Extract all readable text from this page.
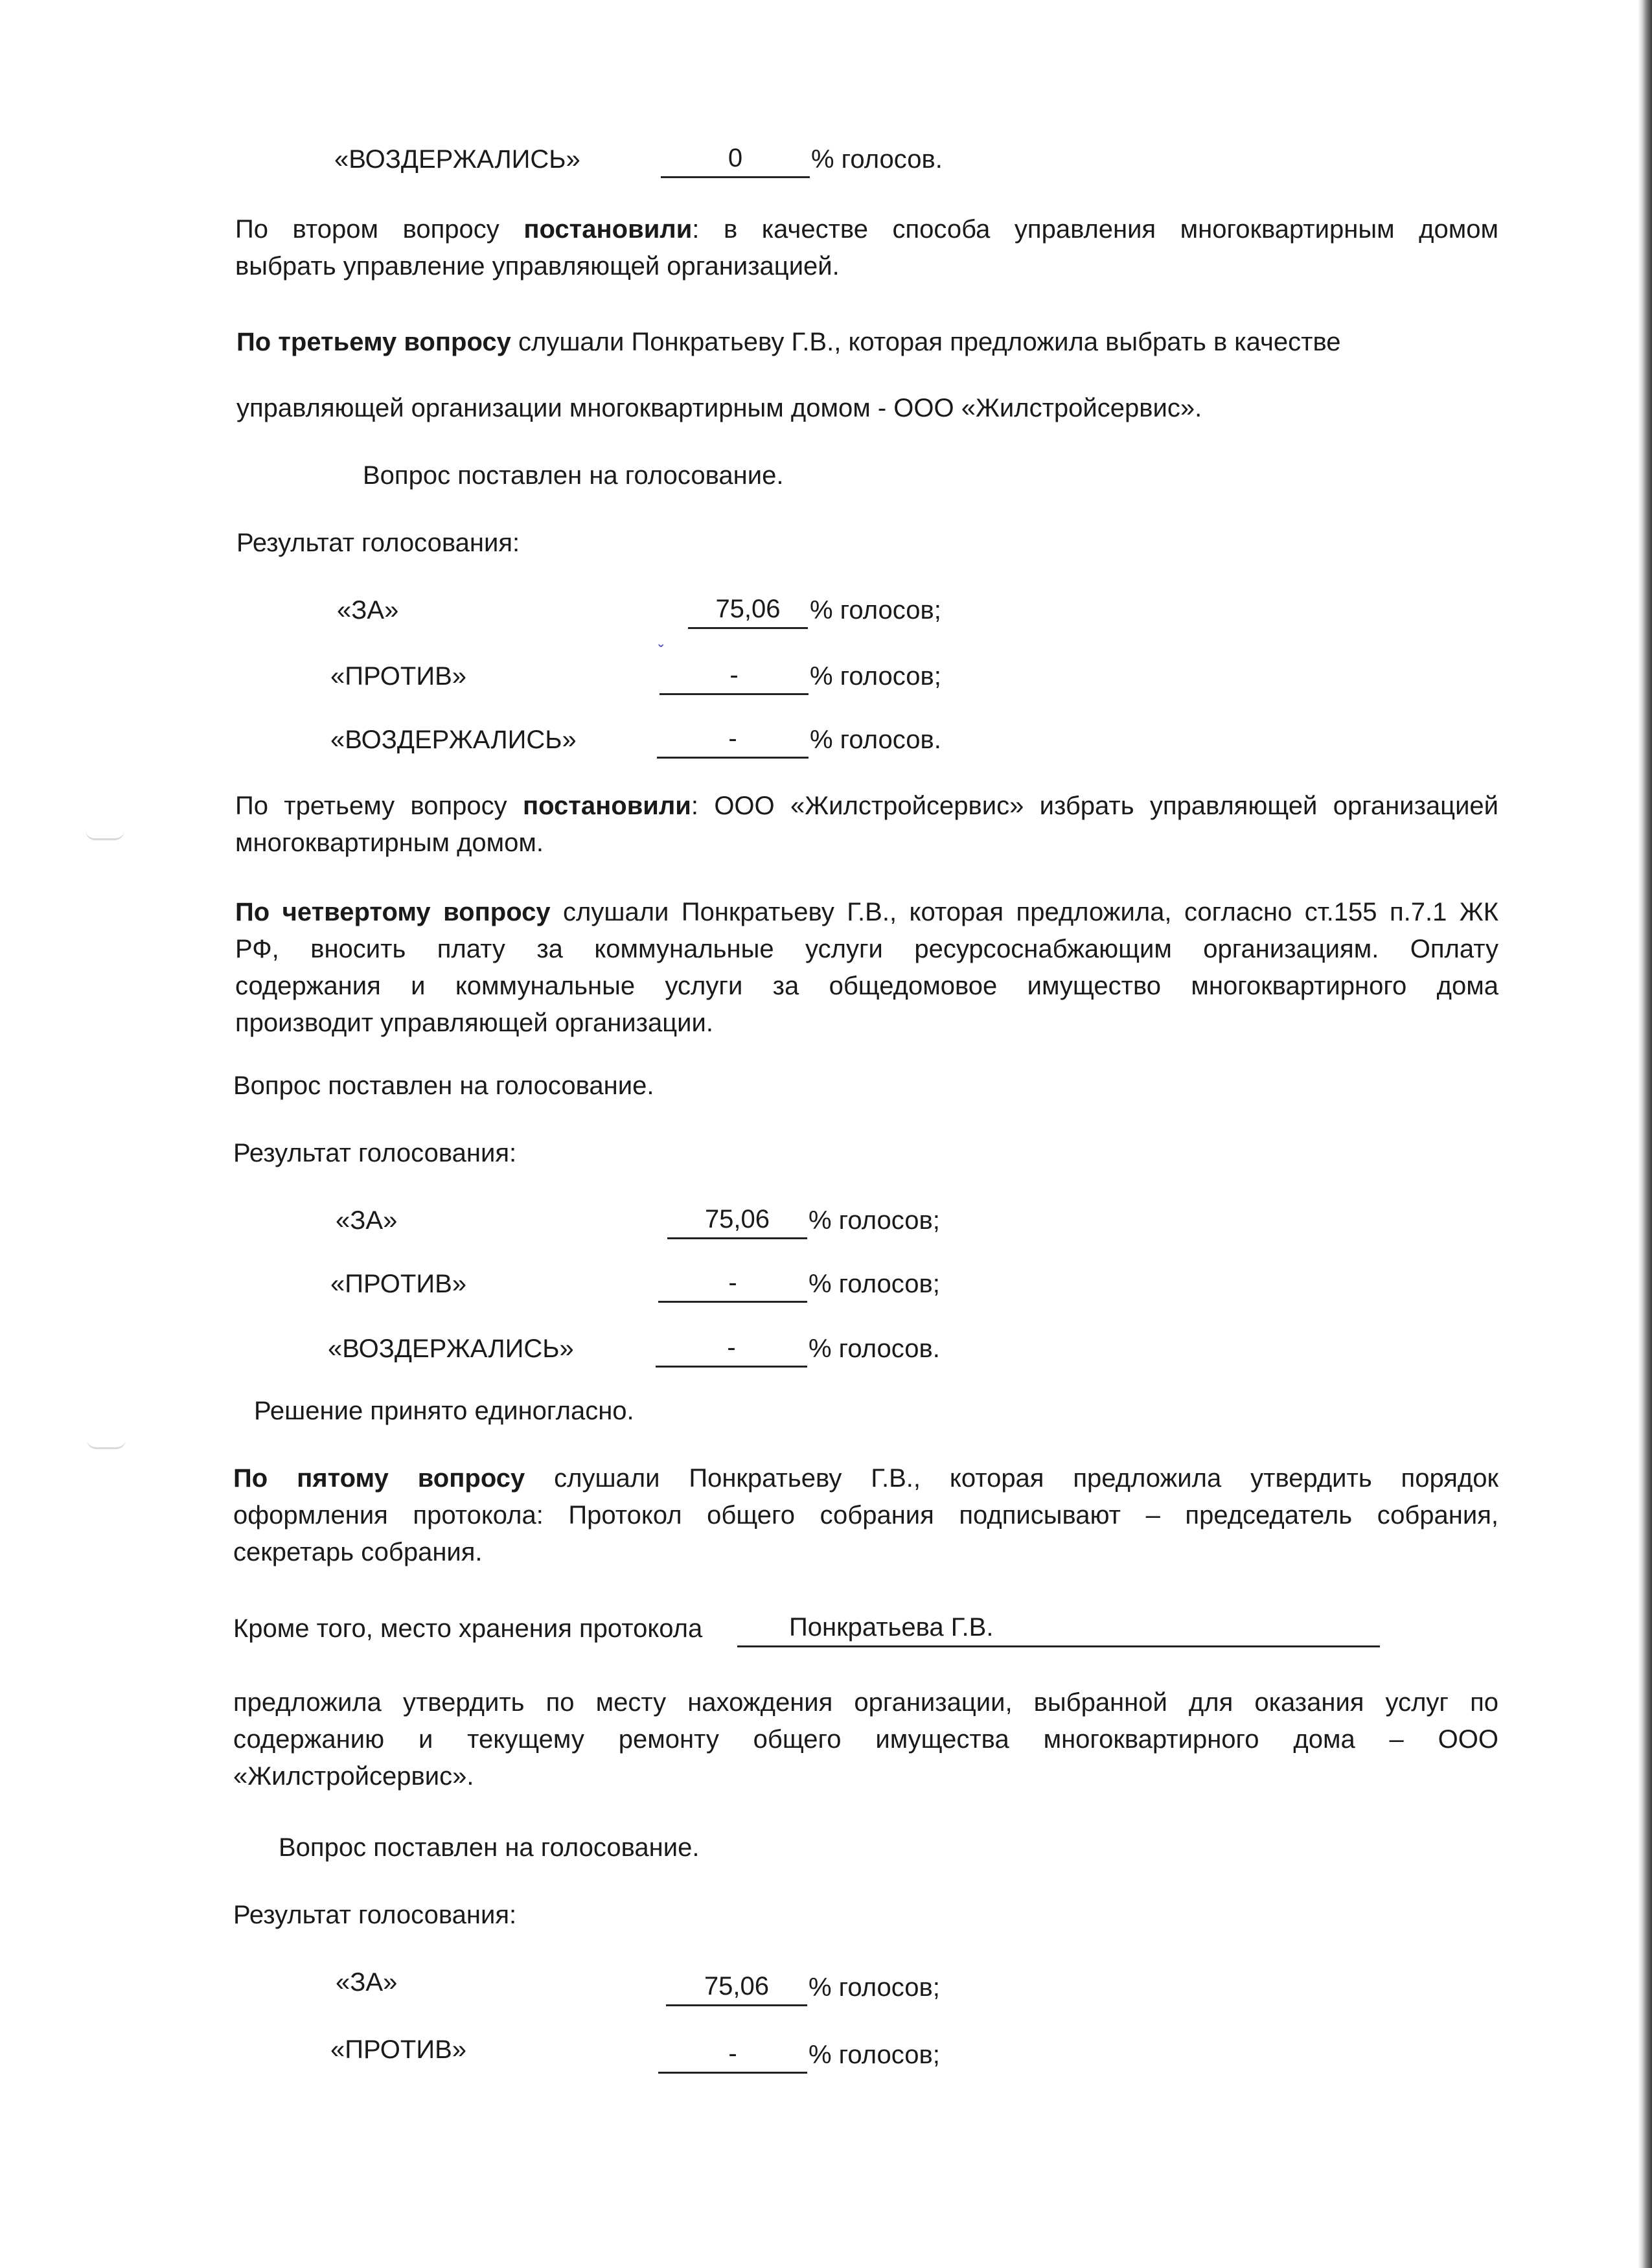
«ВОЗДЕРЖАЛИСЬ»	0	% голосов.
По втором вопросу постановили: в качестве способа управления многоквартирным домом
выбрать управление управляющей организацией.
По третьему вопросу слушали Понкратьеву Г.В., которая предложила выбрать в качестве
управляющей организации многоквартирным домом - ООО «Жилстройсервис».
Вопрос поставлен на голосование.
Результат голосования:
«ЗА»	75,06	% голосов;
ˇ
«ПРОТИВ»	-	% голосов;
«ВОЗДЕРЖАЛИСЬ»	-	% голосов.
По третьему вопросу постановили: ООО «Жилстройсервис» избрать управляющей организацией
многоквартирным домом.
По четвертому вопросу слушали Понкратьеву Г.В., которая предложила, согласно ст.155 п.7.1 ЖК
РФ, вносить плату за коммунальные услуги ресурсоснабжающим организациям. Оплату
содержания и коммунальные услуги за общедомовое имущество многоквартирного дома
производит управляющей организации.
Вопрос поставлен на голосование.
Результат голосования:
«ЗА»	75,06	% голосов;
«ПРОТИВ»	-	% голосов;
«ВОЗДЕРЖАЛИСЬ»	-	% голосов.
Решение принято единогласно.
По пятому вопросу слушали Понкратьеву Г.В., которая предложила утвердить порядок
оформления протокола: Протокол общего собрания подписывают – председатель собрания,
секретарь собрания.
Кроме того, место хранения протокола	Понкратьева Г.В.
предложила утвердить по месту нахождения организации, выбранной для оказания услуг по
содержанию и текущему ремонту общего имущества многоквартирного дома – ООО
«Жилстройсервис».
Вопрос поставлен на голосование.
Результат голосования:
«ЗА»	75,06	% голосов;
«ПРОТИВ»	-	% голосов;
